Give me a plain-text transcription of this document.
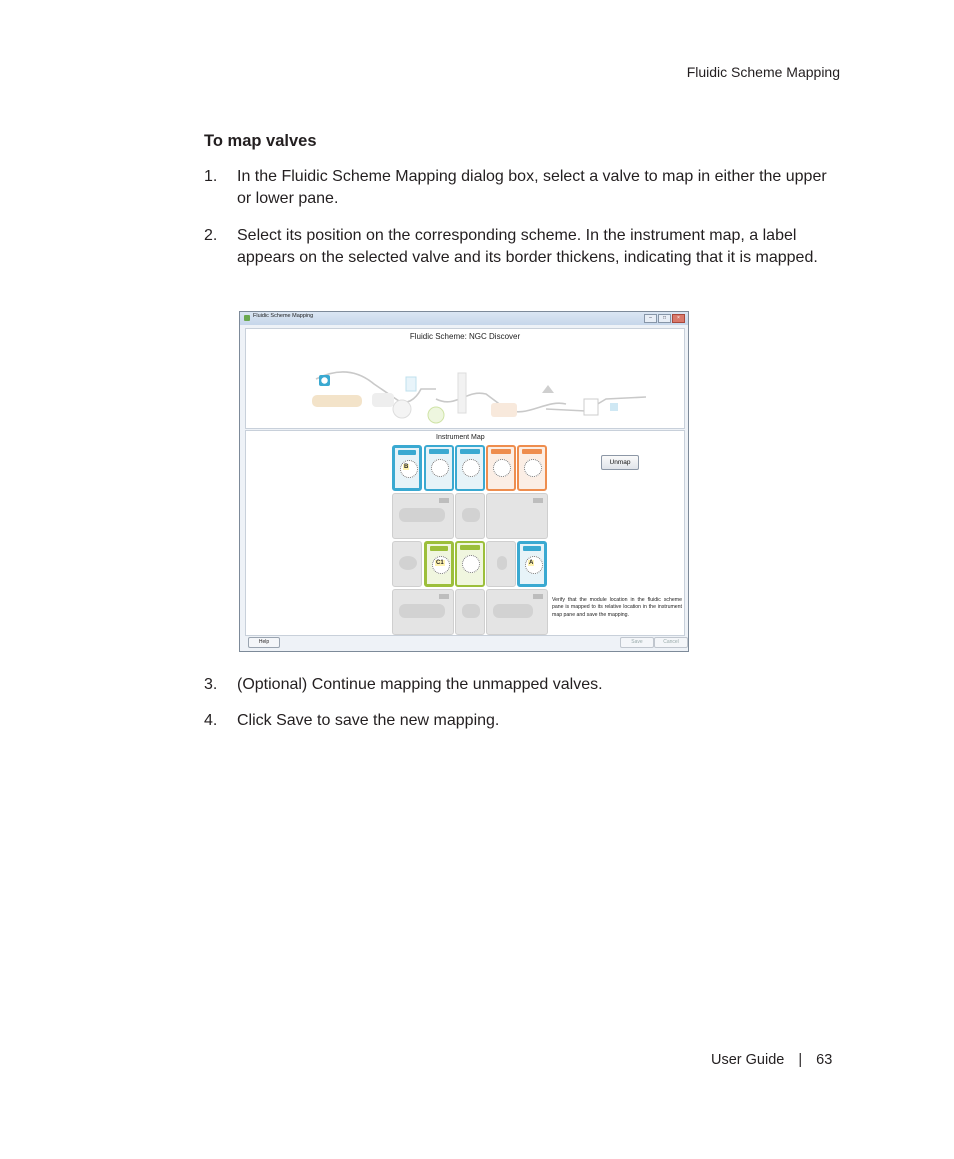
Fluidic Scheme Mapping
To map valves
1. In the Fluidic Scheme Mapping dialog box, select a valve to map in either the upper or lower pane.
2. Select its position on the corresponding scheme. In the instrument map, a label appears on the selected valve and its border thickens, indicating that it is mapped.
Fluidic Scheme Mapping	–	□	×
Fluidic Scheme: NGC Discover
Instrument Map
B
C1	A
Unmap
Verify that the module location in the fluidic scheme pane is mapped to its relative location in the instrument map pane and save the mapping.
Help	Save	Cancel
3. (Optional) Continue mapping the unmapped valves.
4. Click Save to save the new mapping.
User Guide | 63
